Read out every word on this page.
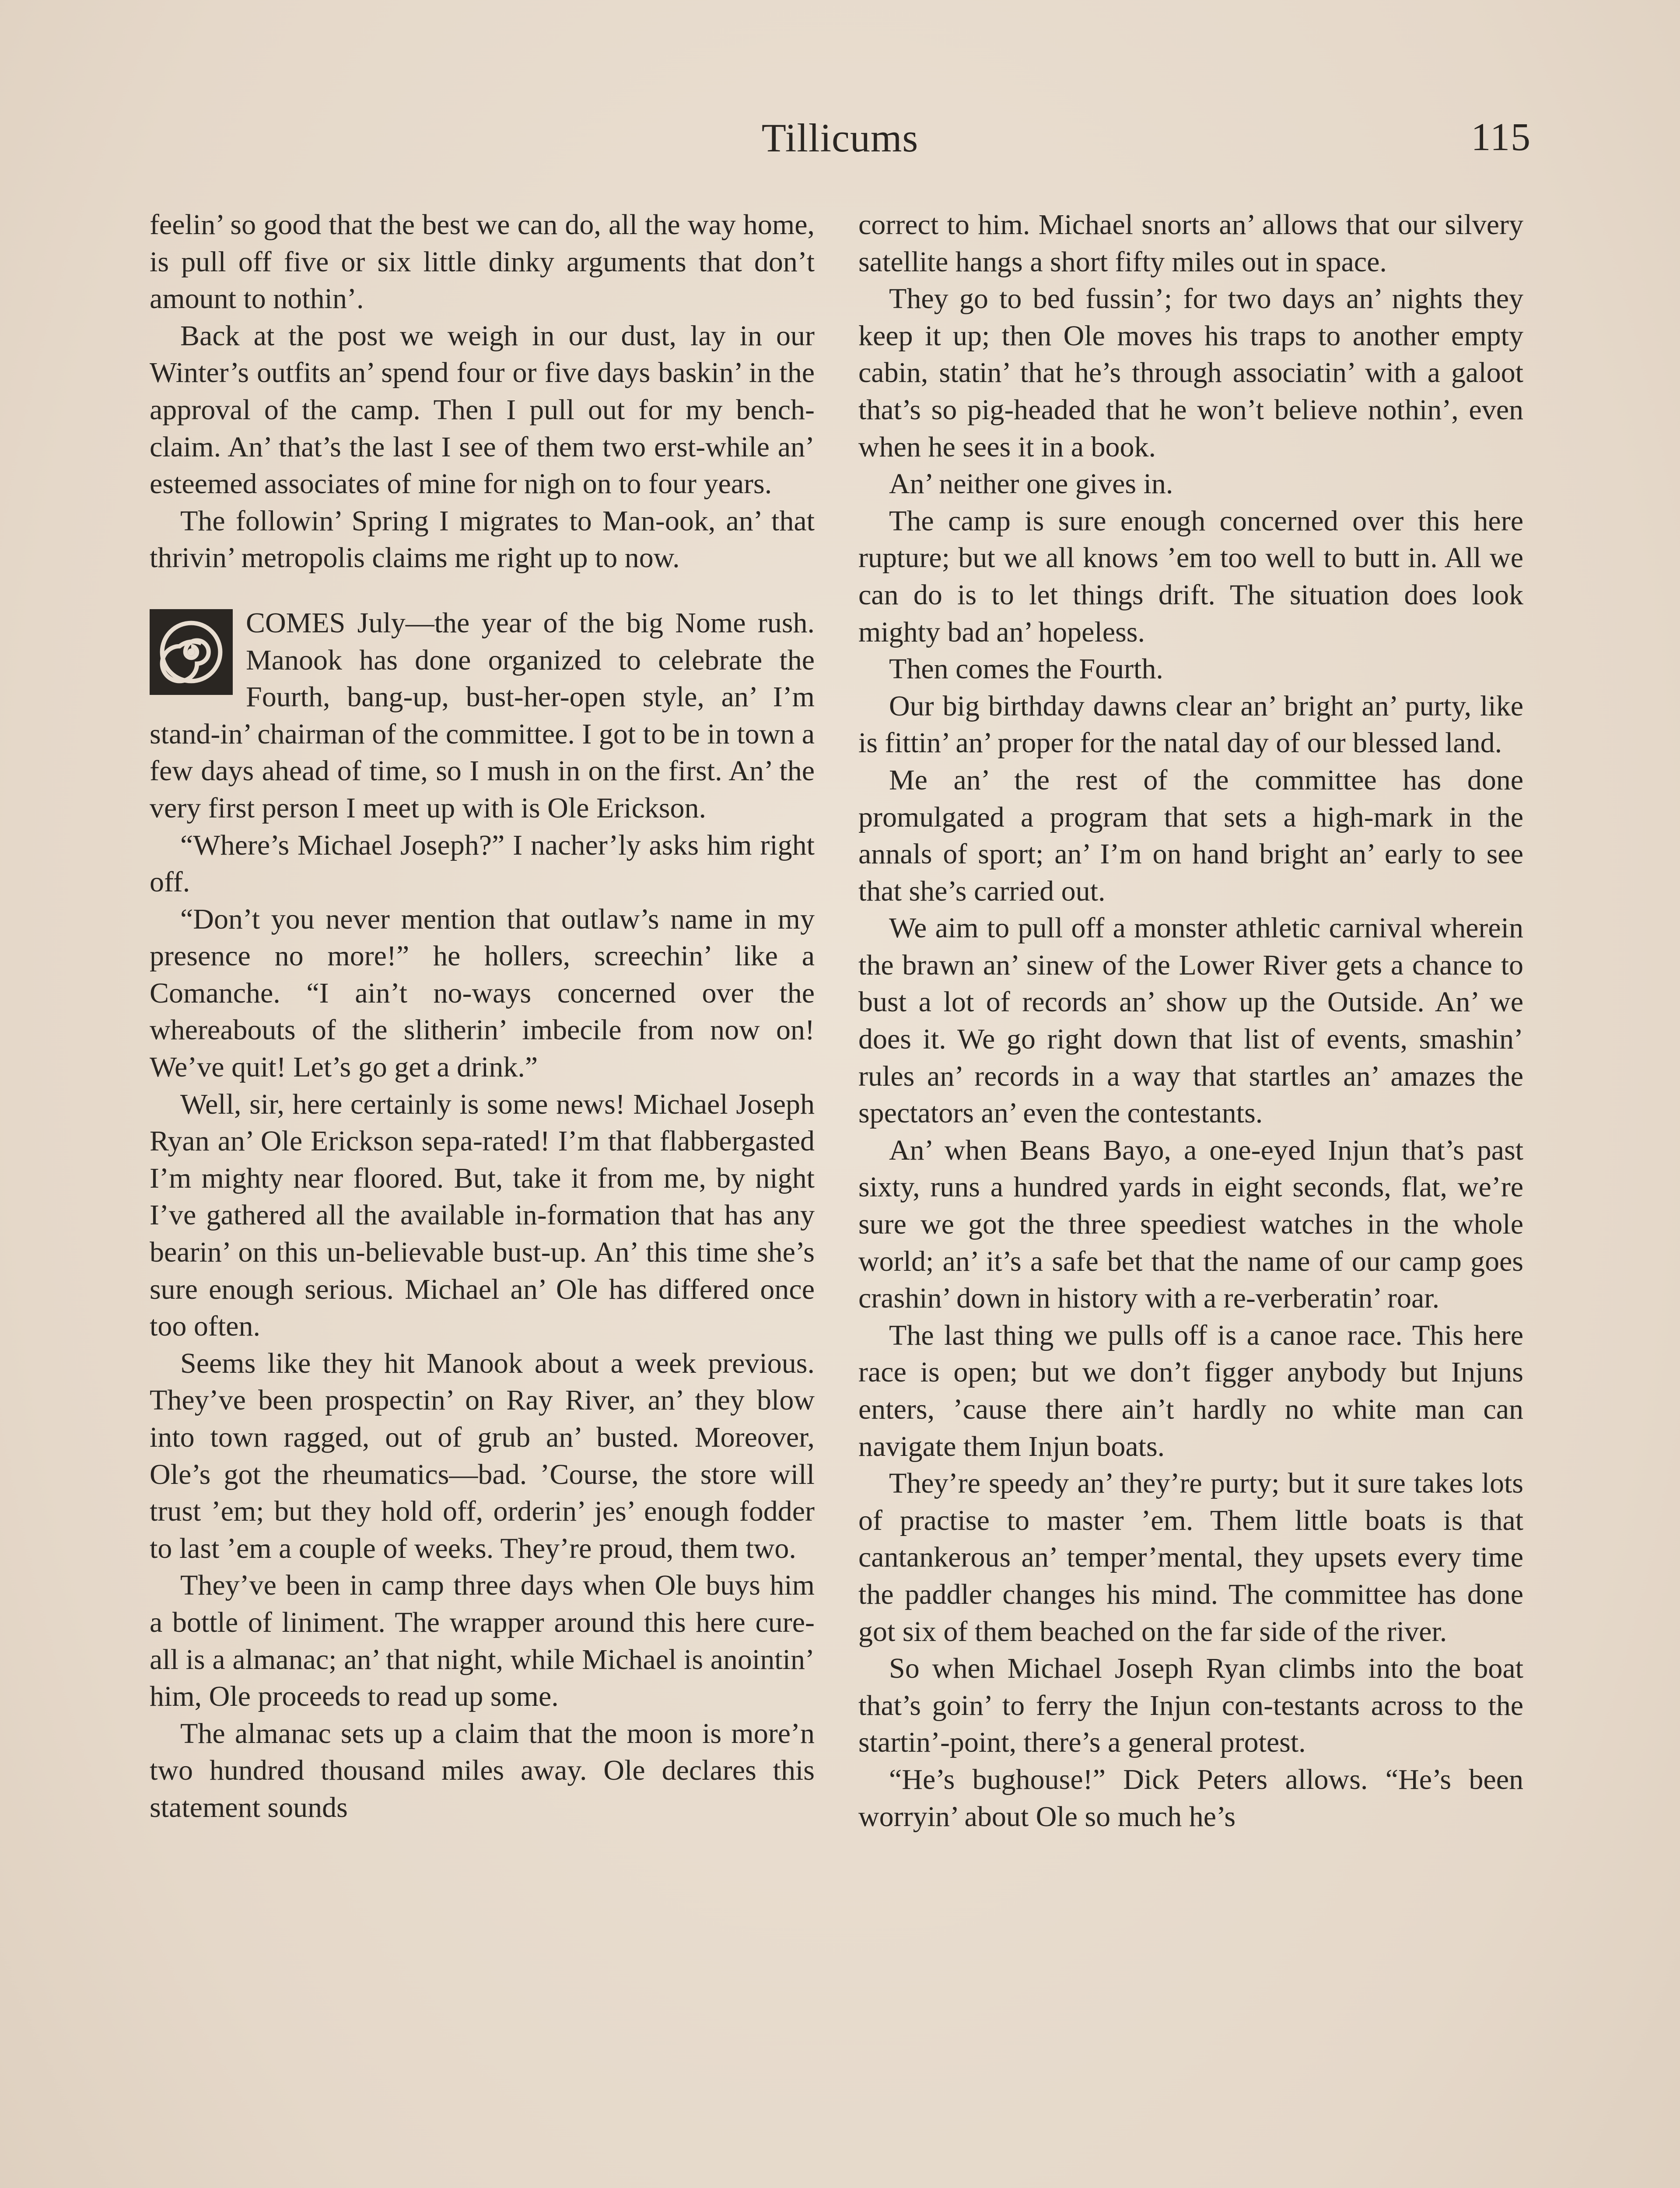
Tillicums	115

feelin’ so good that the best we can do, all the way home, is pull off five or six little dinky arguments that don’t amount to nothin’.

Back at the post we weigh in our dust, lay in our Winter’s outfits an’ spend four or five days baskin’ in the approval of the camp. Then I pull out for my bench-claim. An’ that’s the last I see of them two erst-while an’ esteemed associates of mine for nigh on to four years.

The followin’ Spring I migrates to Man-ook, an’ that thrivin’ metropolis claims me right up to now.

COMES July—the year of the big Nome rush. Manook has done organized to celebrate the Fourth, bang-up, bust-her-open style, an’ I’m stand-in’ chairman of the committee. I got to be in town a few days ahead of time, so I mush in on the first. An’ the very first person I meet up with is Ole Erickson.

“Where’s Michael Joseph?” I nacher’ly asks him right off.

“Don’t you never mention that outlaw’s name in my presence no more!” he hollers, screechin’ like a Comanche. “I ain’t no-ways concerned over the whereabouts of the slitherin’ imbecile from now on! We’ve quit! Let’s go get a drink.”

Well, sir, here certainly is some news! Michael Joseph Ryan an’ Ole Erickson sepa-rated! I’m that flabbergasted I’m mighty near floored. But, take it from me, by night I’ve gathered all the available in-formation that has any bearin’ on this un-believable bust-up. An’ this time she’s sure enough serious. Michael an’ Ole has differed once too often.

Seems like they hit Manook about a week previous. They’ve been prospectin’ on Ray River, an’ they blow into town ragged, out of grub an’ busted. Moreover, Ole’s got the rheumatics—bad. ’Course, the store will trust ’em; but they hold off, orderin’ jes’ enough fodder to last ’em a couple of weeks. They’re proud, them two.

They’ve been in camp three days when Ole buys him a bottle of liniment. The wrapper around this here cure-all is a almanac; an’ that night, while Michael is anointin’ him, Ole proceeds to read up some.

The almanac sets up a claim that the moon is more’n two hundred thousand miles away. Ole declares this statement sounds

correct to him. Michael snorts an’ allows that our silvery satellite hangs a short fifty miles out in space.

They go to bed fussin’; for two days an’ nights they keep it up; then Ole moves his traps to another empty cabin, statin’ that he’s through associatin’ with a galoot that’s so pig-headed that he won’t believe nothin’, even when he sees it in a book.

An’ neither one gives in.

The camp is sure enough concerned over this here rupture; but we all knows ’em too well to butt in. All we can do is to let things drift. The situation does look mighty bad an’ hopeless.

Then comes the Fourth.

Our big birthday dawns clear an’ bright an’ purty, like is fittin’ an’ proper for the natal day of our blessed land.

Me an’ the rest of the committee has done promulgated a program that sets a high-mark in the annals of sport; an’ I’m on hand bright an’ early to see that she’s carried out.

We aim to pull off a monster athletic carnival wherein the brawn an’ sinew of the Lower River gets a chance to bust a lot of records an’ show up the Outside. An’ we does it. We go right down that list of events, smashin’ rules an’ records in a way that startles an’ amazes the spectators an’ even the contestants.

An’ when Beans Bayo, a one-eyed Injun that’s past sixty, runs a hundred yards in eight seconds, flat, we’re sure we got the three speediest watches in the whole world; an’ it’s a safe bet that the name of our camp goes crashin’ down in history with a re-verberatin’ roar.

The last thing we pulls off is a canoe race. This here race is open; but we don’t figger anybody but Injuns enters, ’cause there ain’t hardly no white man can navigate them Injun boats.

They’re speedy an’ they’re purty; but it sure takes lots of practise to master ’em. Them little boats is that cantankerous an’ temper’mental, they upsets every time the paddler changes his mind. The committee has done got six of them beached on the far side of the river.

So when Michael Joseph Ryan climbs into the boat that’s goin’ to ferry the Injun con-testants across to the startin’-point, there’s a general protest.

“He’s bughouse!” Dick Peters allows. “He’s been worryin’ about Ole so much he’s
